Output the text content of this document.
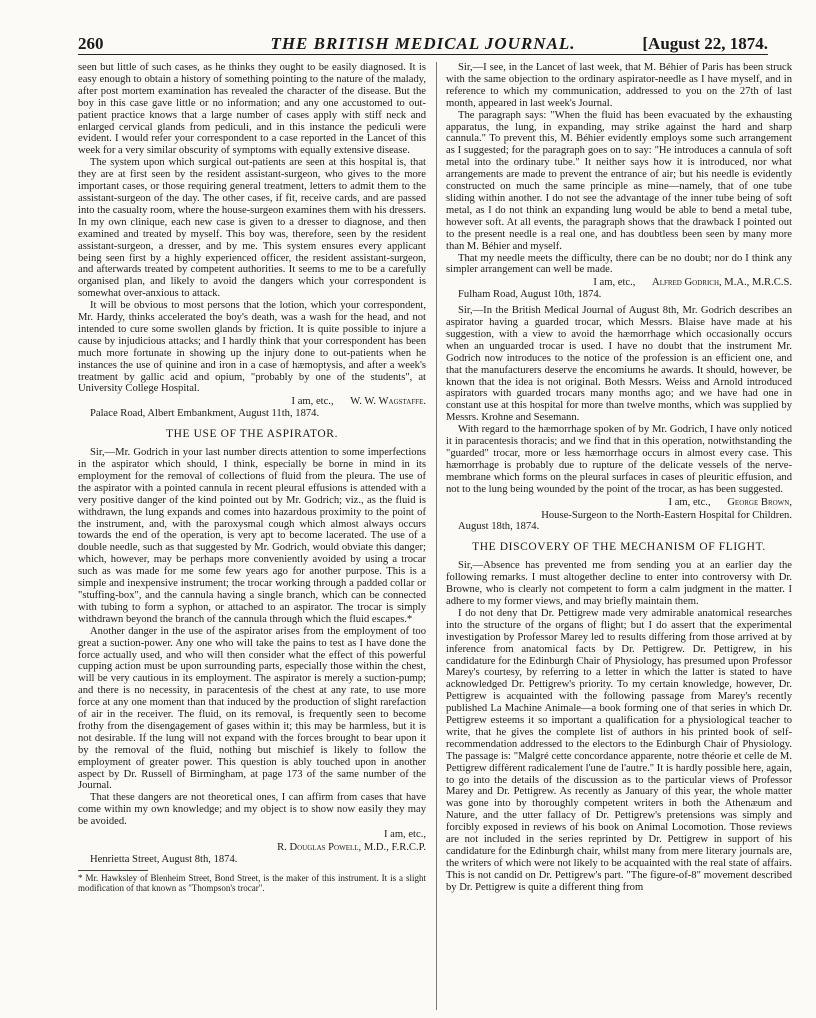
260	THE BRITISH MEDICAL JOURNAL.	[August 22, 1874.

seen but little of such cases, as he thinks they ought to be easily diagnosed. It is easy enough to obtain a history of something pointing to the nature of the malady, after post mortem examination has revealed the character of the disease. But the boy in this case gave little or no information; and any one accustomed to out-patient practice knows that a large number of cases apply with stiff neck and enlarged cervical glands from pediculi, and in this instance the pediculi were evident. I would refer your correspondent to a case reported in the Lancet of this week for a very similar obscurity of symptoms with equally extensive disease.

The system upon which surgical out-patients are seen at this hospital is, that they are at first seen by the resident assistant-surgeon, who gives to the more important cases, or those requiring general treatment, letters to admit them to the assistant-surgeon of the day. The other cases, if fit, receive cards, and are passed into the casualty room, where the house-surgeon examines them with his dressers. In my own clinique, each new case is given to a dresser to diagnose, and then examined and treated by myself. This boy was, therefore, seen by the resident assistant-surgeon, a dresser, and by me. This system ensures every applicant being seen first by a highly experienced officer, the resident assistant-surgeon, and afterwards treated by competent authorities. It seems to me to be a carefully organised plan, and likely to avoid the dangers which your correspondent is somewhat over-anxious to attack.

It will be obvious to most persons that the lotion, which your correspondent, Mr. Hardy, thinks accelerated the boy's death, was a wash for the head, and not intended to cure some swollen glands by friction. It is quite possible to injure a cause by injudicious attacks; and I hardly think that your correspondent has been much more fortunate in showing up the injury done to out-patients when he instances the use of quinine and iron in a case of hæmoptysis, and after a week's treatment by gallic acid and opium, "probably by one of the students", at University College Hospital.

I am, etc., W. W. Wagstaffe.

Palace Road, Albert Embankment, August 11th, 1874.

THE USE OF THE ASPIRATOR.

Sir,—Mr. Godrich in your last number directs attention to some imperfections in the aspirator which should, I think, especially be borne in mind in its employment for the removal of collections of fluid from the pleura. The use of the aspirator with a pointed cannula in recent pleural effusions is attended with a very positive danger of the kind pointed out by Mr. Godrich; viz., as the fluid is withdrawn, the lung expands and comes into hazardous proximity to the point of the instrument, and, with the paroxysmal cough which almost always occurs towards the end of the operation, is very apt to become lacerated. The use of a double needle, such as that suggested by Mr. Godrich, would obviate this danger; which, however, may be perhaps more conveniently avoided by using a trocar such as was made for me some few years ago for another purpose. This is a simple and inexpensive instrument; the trocar working through a padded collar or "stuffing-box", and the cannula having a single branch, which can be connected with tubing to form a syphon, or attached to an aspirator. The trocar is simply withdrawn beyond the branch of the cannula through which the fluid escapes.*

Another danger in the use of the aspirator arises from the employment of too great a suction-power. Any one who will take the pains to test as I have done the force actually used, and who will then consider what the effect of this powerful cupping action must be upon surrounding parts, especially those within the chest, will be very cautious in its employment. The aspirator is merely a suction-pump; and there is no necessity, in paracentesis of the chest at any rate, to use more force at any one moment than that induced by the production of slight rarefaction of air in the receiver. The fluid, on its removal, is frequently seen to become frothy from the disengagement of gases within it; this may be harmless, but it is not desirable. If the lung will not expand with the forces brought to bear upon it by the removal of the fluid, nothing but mischief is likely to follow the employment of greater power. This question is ably touched upon in another aspect by Dr. Russell of Birmingham, at page 173 of the same number of the Journal.

That these dangers are not theoretical ones, I can affirm from cases that have come within my own knowledge; and my object is to show now easily they may be avoided.

I am, etc.,
R. Douglas Powell, M.D., F.R.C.P.

Henrietta Street, August 8th, 1874.

* Mr. Hawksley of Blenheim Street, Bond Street, is the maker of this instrument. It is a slight modification of that known as "Thompson's trocar".

Sir,—I see, in the Lancet of last week, that M. Béhier of Paris has been struck with the same objection to the ordinary aspirator-needle as I have myself, and in reference to which my communication, addressed to you on the 27th of last month, appeared in last week's Journal.

The paragraph says: "When the fluid has been evacuated by the exhausting apparatus, the lung, in expanding, may strike against the hard and sharp cannula." To prevent this, M. Béhier evidently employs some such arrangement as I suggested; for the paragraph goes on to say: "He introduces a cannula of soft metal into the ordinary tube." It neither says how it is introduced, nor what arrangements are made to prevent the entrance of air; but his needle is evidently constructed on much the same principle as mine—namely, that of one tube sliding within another. I do not see the advantage of the inner tube being of soft metal, as I do not think an expanding lung would be able to bend a metal tube, however soft. At all events, the paragraph shows that the drawback I pointed out to the present needle is a real one, and has doubtless been seen by many more than M. Béhier and myself.

That my needle meets the difficulty, there can be no doubt; nor do I think any simpler arrangement can well be made.

I am, etc., Alfred Godrich, M.A., M.R.C.S.

Fulham Road, August 10th, 1874.

Sir,—In the British Medical Journal of August 8th, Mr. Godrich describes an aspirator having a guarded trocar, which Messrs. Blaise have made at his suggestion, with a view to avoid the hæmorrhage which occasionally occurs when an unguarded trocar is used. I have no doubt that the instrument Mr. Godrich now introduces to the notice of the profession is an efficient one, and that the manufacturers deserve the encomiums he awards. It should, however, be known that the idea is not original. Both Messrs. Weiss and Arnold introduced aspirators with guarded trocars many months ago; and we have had one in constant use at this hospital for more than twelve months, which was supplied by Messrs. Krohne and Sesemann.

With regard to the hæmorrhage spoken of by Mr. Godrich, I have only noticed it in paracentesis thoracis; and we find that in this operation, notwithstanding the "guarded" trocar, more or less hæmorrhage occurs in almost every case. This hæmorrhage is probably due to rupture of the delicate vessels of the nerve-membrane which forms on the pleural surfaces in cases of pleuritic effusion, and not to the lung being wounded by the point of the trocar, as has been suggested.

I am, etc., George Brown,
House-Surgeon to the North-Eastern Hospital for Children.

August 18th, 1874.

THE DISCOVERY OF THE MECHANISM OF FLIGHT.

Sir,—Absence has prevented me from sending you at an earlier day the following remarks. I must altogether decline to enter into controversy with Dr. Browne, who is clearly not competent to form a calm judgment in the matter. I adhere to my former views, and may briefly maintain them.

I do not deny that Dr. Pettigrew made very admirable anatomical researches into the structure of the organs of flight; but I do assert that the experimental investigation by Professor Marey led to results differing from those arrived at by inference from anatomical facts by Dr. Pettigrew. Dr. Pettigrew, in his candidature for the Edinburgh Chair of Physiology, has presumed upon Professor Marey's courtesy, by referring to a letter in which the latter is stated to have acknowledged Dr. Pettigrew's priority. To my certain knowledge, however, Dr. Pettigrew is acquainted with the following passage from Marey's recently published La Machine Animale—a book forming one of that series in which Dr. Pettigrew esteems it so important a qualification for a physiological teacher to write, that he gives the complete list of authors in his printed book of self-recommendation addressed to the electors to the Edinburgh Chair of Physiology. The passage is: "Malgré cette concordance apparente, notre théorie et celle de M. Pettigrew diffèrent radicalement l'une de l'autre." It is hardly possible here, again, to go into the details of the discussion as to the particular views of Professor Marey and Dr. Pettigrew. As recently as January of this year, the whole matter was gone into by thoroughly competent writers in both the Athenæum and Nature, and the utter fallacy of Dr. Pettigrew's pretensions was simply and forcibly exposed in reviews of his book on Animal Locomotion. Those reviews are not included in the series reprinted by Dr. Pettigrew in support of his candidature for the Edinburgh chair, whilst many from mere literary journals are, the writers of which were not likely to be acquainted with the real state of affairs. This is not candid on Dr. Pettigrew's part. "The figure-of-8" movement described by Dr. Pettigrew is quite a different thing from
